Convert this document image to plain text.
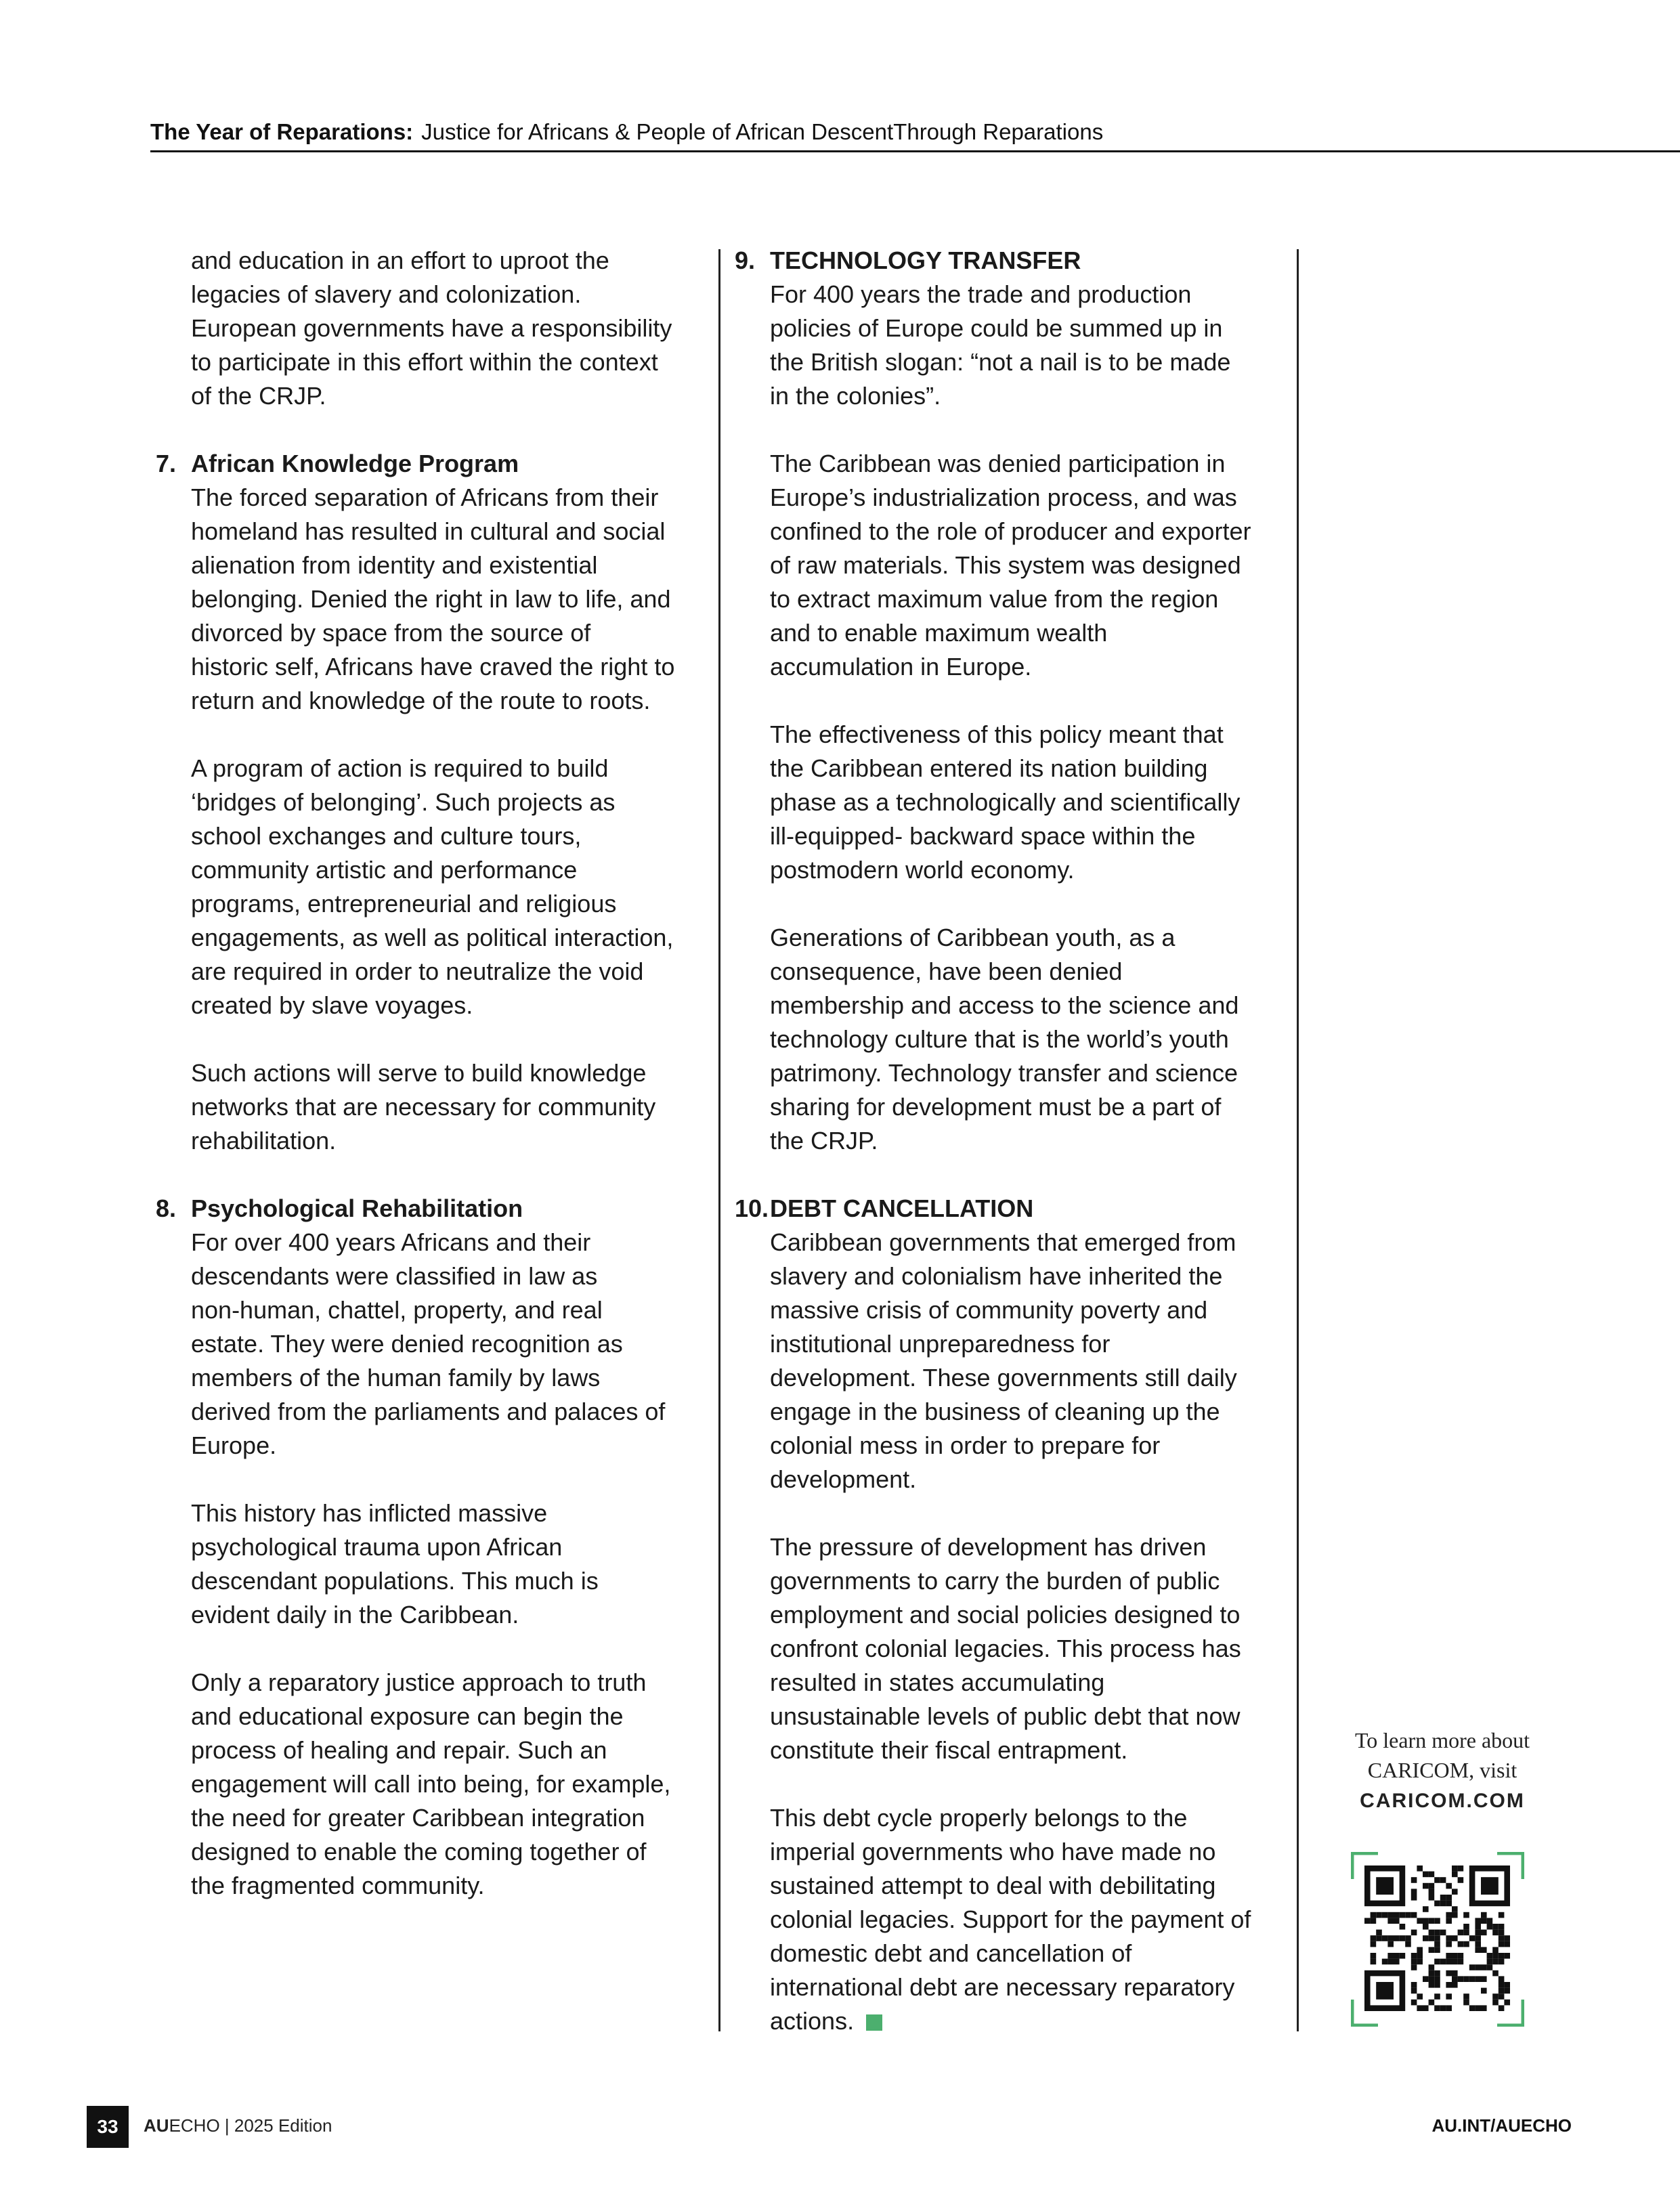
The Year of Reparations: Justice for Africans & People of African DescentThrough Reparations

and education in an effort to uproot the
legacies of slavery and colonization.
European governments have a responsibility
to participate in this effort within the context
of the CRJP.

7. African Knowledge Program

The forced separation of Africans from their
homeland has resulted in cultural and social
alienation from identity and existential
belonging. Denied the right in law to life, and
divorced by space from the source of
historic self, Africans have craved the right to
return and knowledge of the route to roots.

A program of action is required to build
‘bridges of belonging’. Such projects as
school exchanges and culture tours,
community artistic and performance
programs, entrepreneurial and religious
engagements, as well as political interaction,
are required in order to neutralize the void
created by slave voyages.

Such actions will serve to build knowledge
networks that are necessary for community
rehabilitation.

8. Psychological Rehabilitation

For over 400 years Africans and their
descendants were classified in law as
non-human, chattel, property, and real
estate. They were denied recognition as
members of the human family by laws
derived from the parliaments and palaces of
Europe.

This history has inflicted massive
psychological trauma upon African
descendant populations. This much is
evident daily in the Caribbean.

Only a reparatory justice approach to truth
and educational exposure can begin the
process of healing and repair. Such an
engagement will call into being, for example,
the need for greater Caribbean integration
designed to enable the coming together of
the fragmented community.

9. TECHNOLOGY TRANSFER

For 400 years the trade and production
policies of Europe could be summed up in
the British slogan: “not a nail is to be made
in the colonies”.

The Caribbean was denied participation in
Europe’s industrialization process, and was
confined to the role of producer and exporter
of raw materials. This system was designed
to extract maximum value from the region
and to enable maximum wealth
accumulation in Europe.

The effectiveness of this policy meant that
the Caribbean entered its nation building
phase as a technologically and scientifically
ill-equipped- backward space within the
postmodern world economy.

Generations of Caribbean youth, as a
consequence, have been denied
membership and access to the science and
technology culture that is the world’s youth
patrimony. Technology transfer and science
sharing for development must be a part of
the CRJP.

10. DEBT CANCELLATION

Caribbean governments that emerged from
slavery and colonialism have inherited the
massive crisis of community poverty and
institutional unpreparedness for
development. These governments still daily
engage in the business of cleaning up the
colonial mess in order to prepare for
development.

The pressure of development has driven
governments to carry the burden of public
employment and social policies designed to
confront colonial legacies. This process has
resulted in states accumulating
unsustainable levels of public debt that now
constitute their fiscal entrapment.

This debt cycle properly belongs to the
imperial governments who have made no
sustained attempt to deal with debilitating
colonial legacies. Support for the payment of
domestic debt and cancellation of
international debt are necessary reparatory
actions.

To learn more about
CARICOM, visit
CARICOM.COM
33	AUECHO | 2025 Edition	AU.INT/AUECHO
